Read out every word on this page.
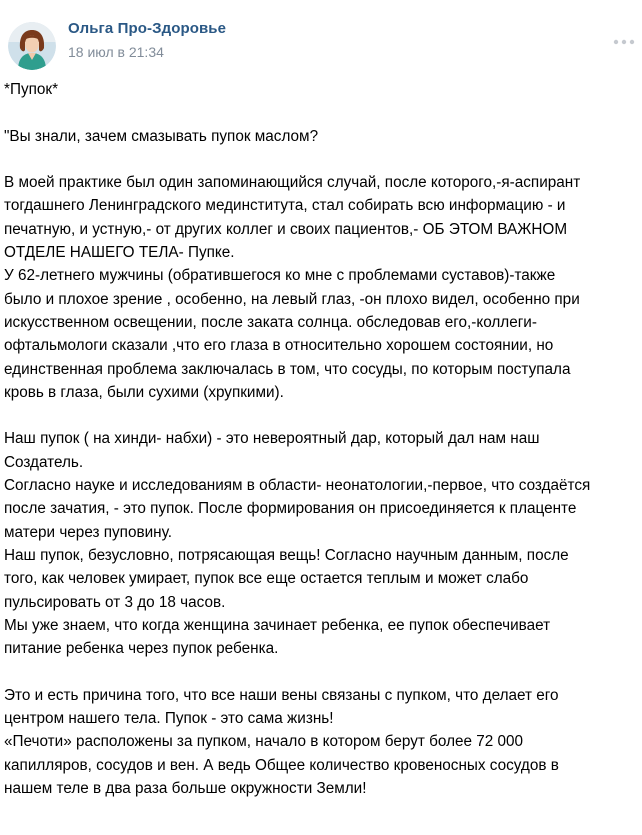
Ольга Про-Здоровье
18 июл в 21:34
*Пупок*
"Вы знали, зачем смазывать пупок маслом?
В моей практике был один запоминающийся случай, после которого,-я-аспирант
тогдашнего Ленинградского мединститута, стал собирать всю информацию - и
печатную, и устную,- от других коллег и своих пациентов,- ОБ ЭТОМ ВАЖНОМ
ОТДЕЛЕ НАШЕГО ТЕЛА- Пупке.
У 62-летнего мужчины (обратившегося ко мне с проблемами суставов)-также
было и плохое зрение , особенно, на левый глаз, -он плохо видел, особенно при
искусственном освещении, после заката солнца. обследовав его,-коллеги-
офтальмологи сказали ,что его глаза в относительно хорошем состоянии, но
единственная проблема заключалась в том, что сосуды, по которым поступала
кровь в глаза, были сухими (хрупкими).
Наш пупок ( на хинди- набхи) - это невероятный дар, который дал нам наш
Создатель.
Согласно науке и исследованиям в области- неонатологии,-первое, что создаётся
после зачатия, - это пупок. После формирования он присоединяется к плаценте
матери через пуповину.
Наш пупок, безусловно, потрясающая вещь! Согласно научным данным, после
того, как человек умирает, пупок все еще остается теплым и может слабо
пульсировать от 3 до 18 часов.
Мы уже знаем, что когда женщина зачинает ребенка, ее пупок обеспечивает
питание ребенка через пупок ребенка.
Это и есть причина того, что все наши вены связаны с пупком, что делает его
центром нашего тела. Пупок - это сама жизнь!
«Печоти» расположены за пупком, начало в котором берут более 72 000
капилляров, сосудов и вен. А ведь Общее количество кровеносных сосудов в
нашем теле в два раза больше окружности Земли!
